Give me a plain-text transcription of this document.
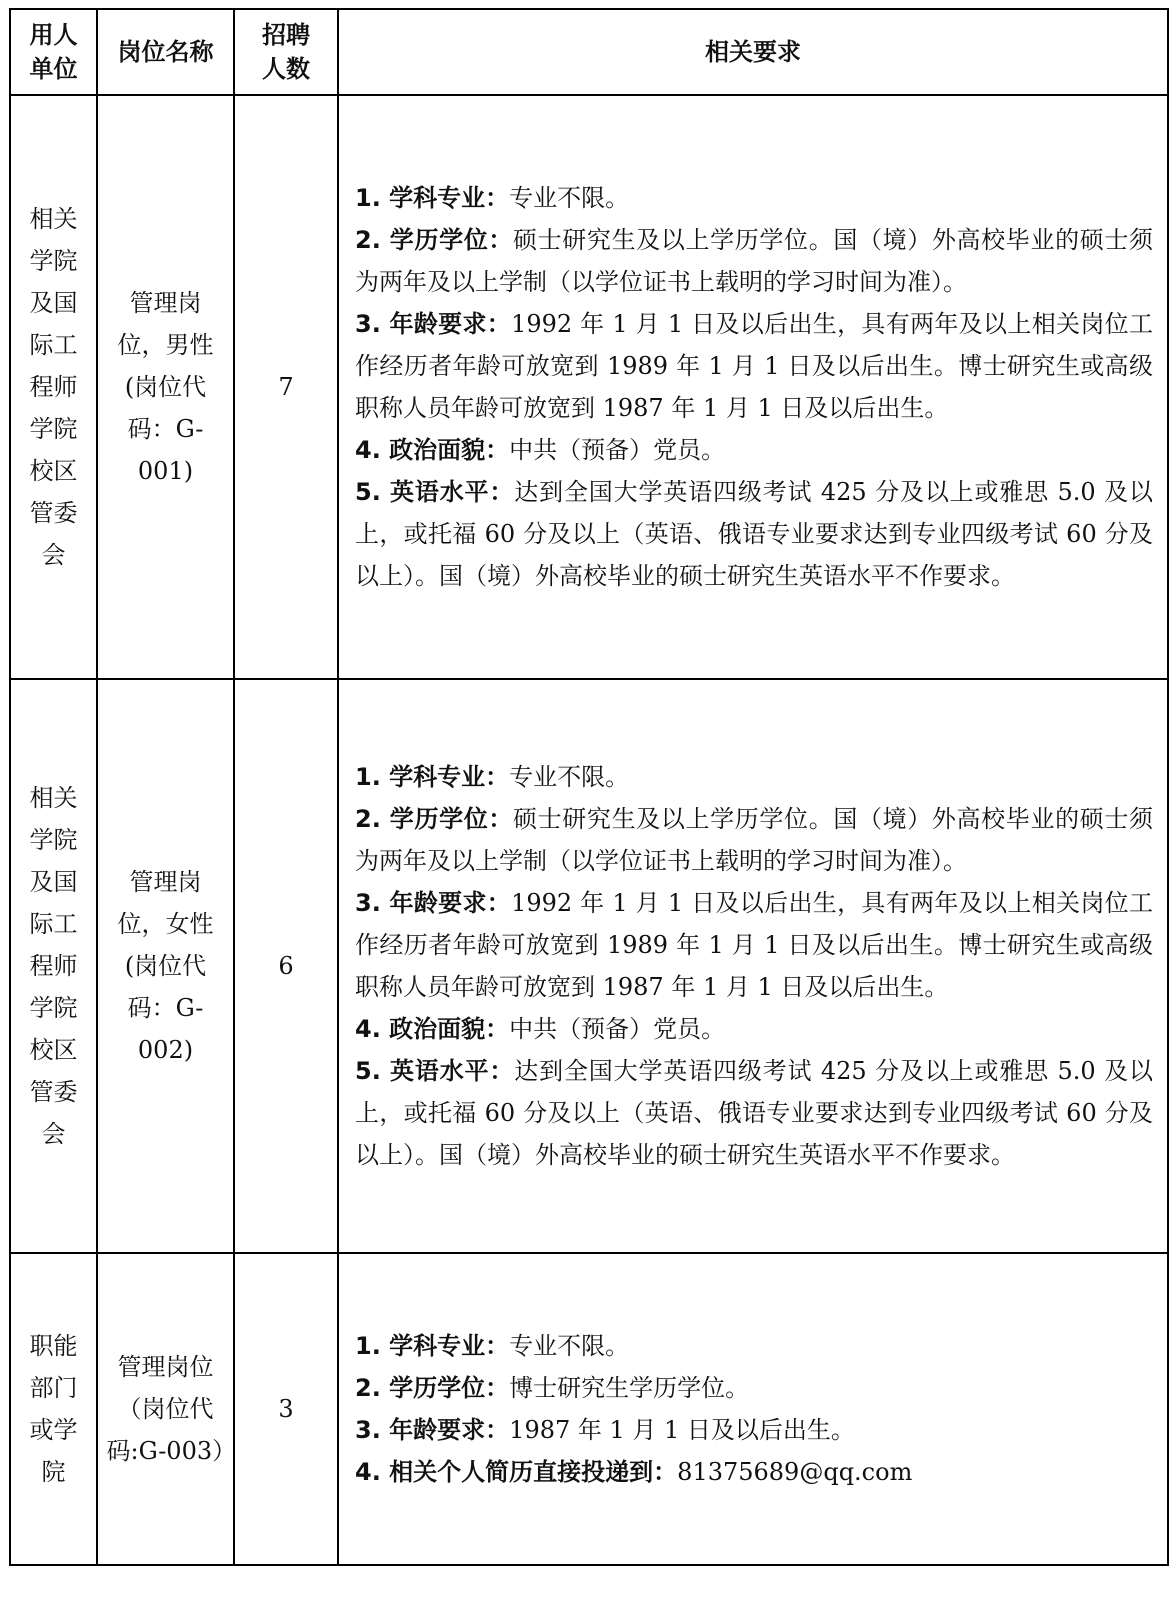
用人单位	岗位名称	招聘人数	相关要求
相关学院及国际工程师学院校区管委会	管理岗位，男性(岗位代码：G-001)	7	1. 学科专业：专业不限。

2. 学历学位：硕士研究生及以上学历学位。国（境）外高校毕业的硕士须为两年及以上学制（以学位证书上载明的学习时间为准）。

3. 年龄要求：1992 年 1 月 1 日及以后出生，具有两年及以上相关岗位工作经历者年龄可放宽到 1989 年 1 月 1 日及以后出生。博士研究生或高级职称人员年龄可放宽到 1987 年 1 月 1 日及以后出生。

4. 政治面貌：中共（预备）党员。

5. 英语水平：达到全国大学英语四级考试 425 分及以上或雅思 5.0 及以上，或托福 60 分及以上（英语、俄语专业要求达到专业四级考试 60 分及以上）。国（境）外高校毕业的硕士研究生英语水平不作要求。

相关学院及国际工程师学院校区管委会	管理岗位，女性(岗位代码：G-002)	6	1. 学科专业：专业不限。

2. 学历学位：硕士研究生及以上学历学位。国（境）外高校毕业的硕士须为两年及以上学制（以学位证书上载明的学习时间为准）。

3. 年龄要求：1992 年 1 月 1 日及以后出生，具有两年及以上相关岗位工作经历者年龄可放宽到 1989 年 1 月 1 日及以后出生。博士研究生或高级职称人员年龄可放宽到 1987 年 1 月 1 日及以后出生。

4. 政治面貌：中共（预备）党员。

5. 英语水平：达到全国大学英语四级考试 425 分及以上或雅思 5.0 及以上，或托福 60 分及以上（英语、俄语专业要求达到专业四级考试 60 分及以上）。国（境）外高校毕业的硕士研究生英语水平不作要求。

职能部门或学院	管理岗位（岗位代码:G-003）	3	1. 学科专业：专业不限。

2. 学历学位：博士研究生学历学位。

3. 年龄要求：1987 年 1 月 1 日及以后出生。

4. 相关个人简历直接投递到：81375689@qq.com
